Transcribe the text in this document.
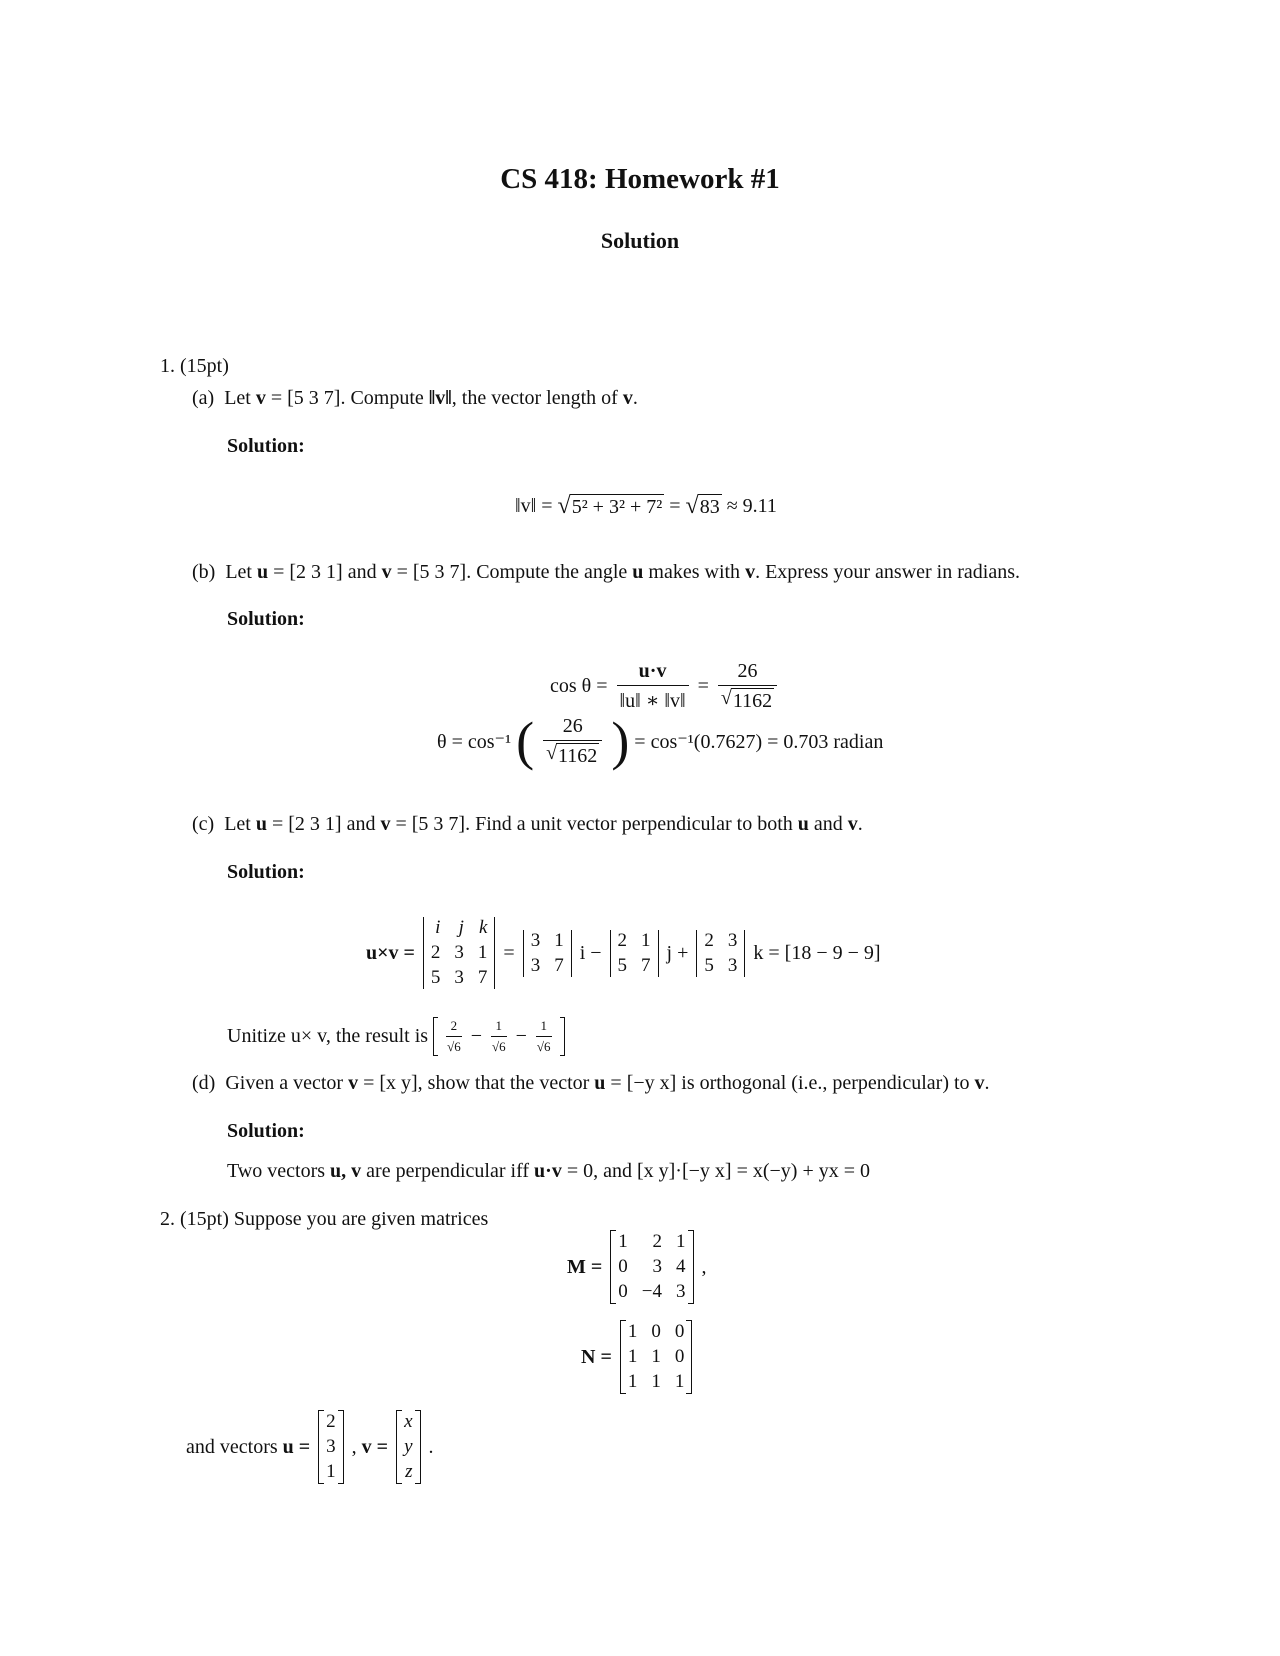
CS 418: Homework #1
Solution
1. (15pt)
(a) Let v = [5 3 7]. Compute ‖v‖, the vector length of v.
Solution:
‖v‖ = √ 5² + 3² + 7² = √ 83 ≈ 9.11
(b) Let u = [2 3 1] and v = [5 3 7]. Compute the angle u makes with v. Express your answer in radians.
Solution:
$\cos \theta = \frac{u\cdot v}{‖u‖ ∗ ‖v‖} = \frac{26}{√ 1162}$
θ = cos⁻¹ ( $\frac{26}{√ 1162}$ ) = cos⁻¹(0.7627) = 0.703 radian
(c) Let u = [2 3 1] and v = [5 3 7]. Find a unit vector perpendicular to both u and v.
Solution:
u×v =
i j k
2 3 1
5 3 7
=
3 1
3 7
i −
2 1
5 7
j +
2 3
5 3
k = [18 − 9 − 9]
Unitize u× v, the result is $\frac{2}{√6} - \frac{1}{√6} - \frac{1}{√6}$
(d) Given a vector v = [x y], show that the vector u = [−y x] is orthogonal (i.e., perpendicular) to v.
Solution:
Two vectors u, v are perpendicular iff u·v = 0, and [x y]·[−y x] = x(−y) + yx = 0
2. (15pt) Suppose you are given matrices
M =
1	2 1
0	3 4
0 −4 3
,
N =
1 0 0
1 1 0
1 1 1
and vectors u =
2
3
1
, v =
x
y
z
.
